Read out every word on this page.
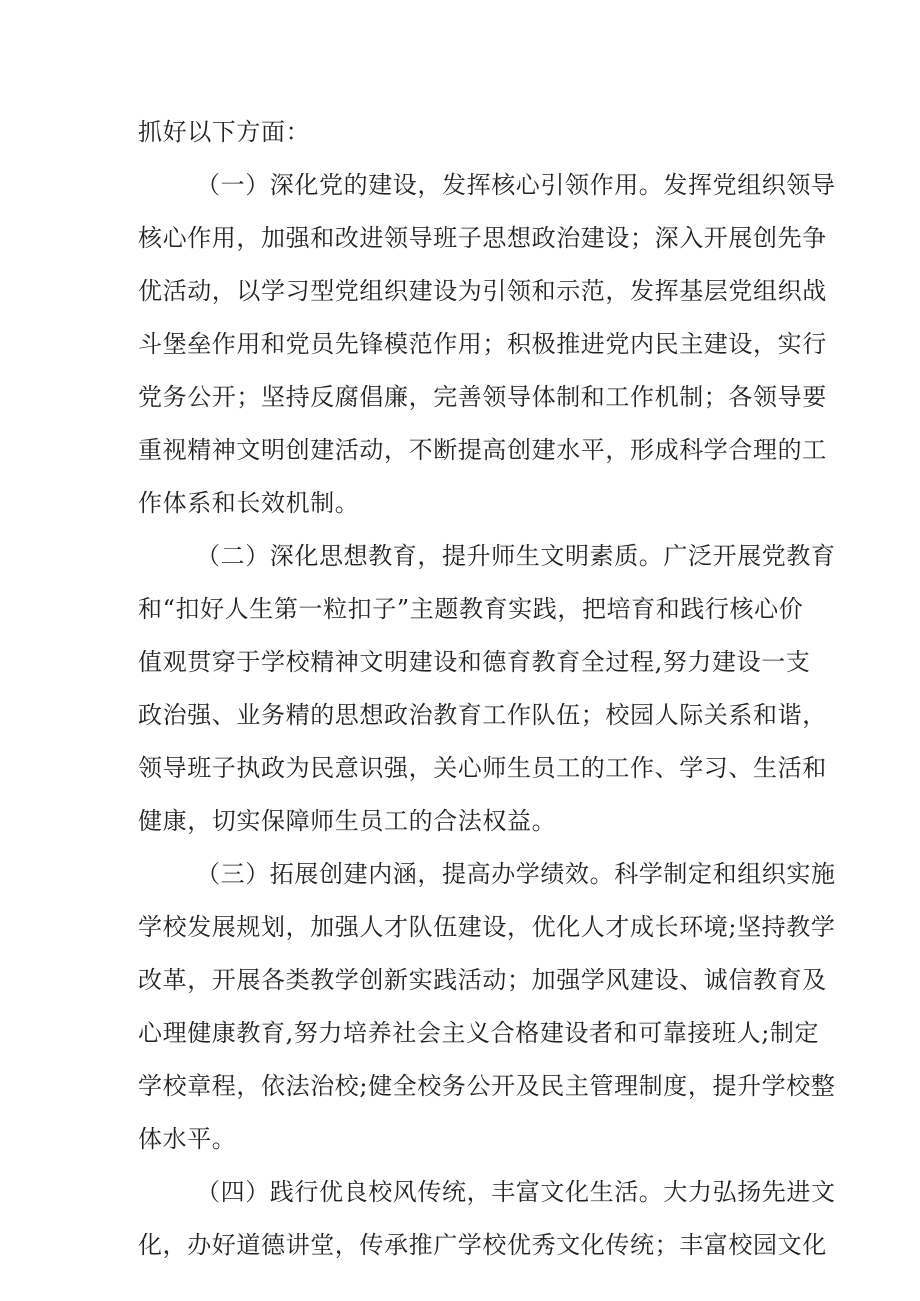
抓好以下方面：
（一）深化党的建设，发挥核心引领作用。发挥党组织领导
核心作用，加强和改进领导班子思想政治建设；深入开展创先争
优活动，以学习型党组织建设为引领和示范，发挥基层党组织战
斗堡垒作用和党员先锋模范作用；积极推进党内民主建设，实行
党务公开；坚持反腐倡廉，完善领导体制和工作机制；各领导要
重视精神文明创建活动，不断提高创建水平，形成科学合理的工
作体系和长效机制。
（二）深化思想教育，提升师生文明素质。广泛开展党教育
和“扣好人生第一粒扣子”主题教育实践，把培育和践行核心价
值观贯穿于学校精神文明建设和德育教育全过程,努力建设一支
政治强、业务精的思想政治教育工作队伍；校园人际关系和谐，
领导班子执政为民意识强，关心师生员工的工作、学习、生活和
健康，切实保障师生员工的合法权益。
（三）拓展创建内涵，提高办学绩效。科学制定和组织实施
学校发展规划，加强人才队伍建设，优化人才成长环境;坚持教学
改革，开展各类教学创新实践活动；加强学风建设、诚信教育及
心理健康教育,努力培养社会主义合格建设者和可靠接班人;制定
学校章程，依法治校;健全校务公开及民主管理制度，提升学校整
体水平。
（四）践行优良校风传统，丰富文化生活。大力弘扬先进文
化，办好道德讲堂，传承推广学校优秀文化传统；丰富校园文化
